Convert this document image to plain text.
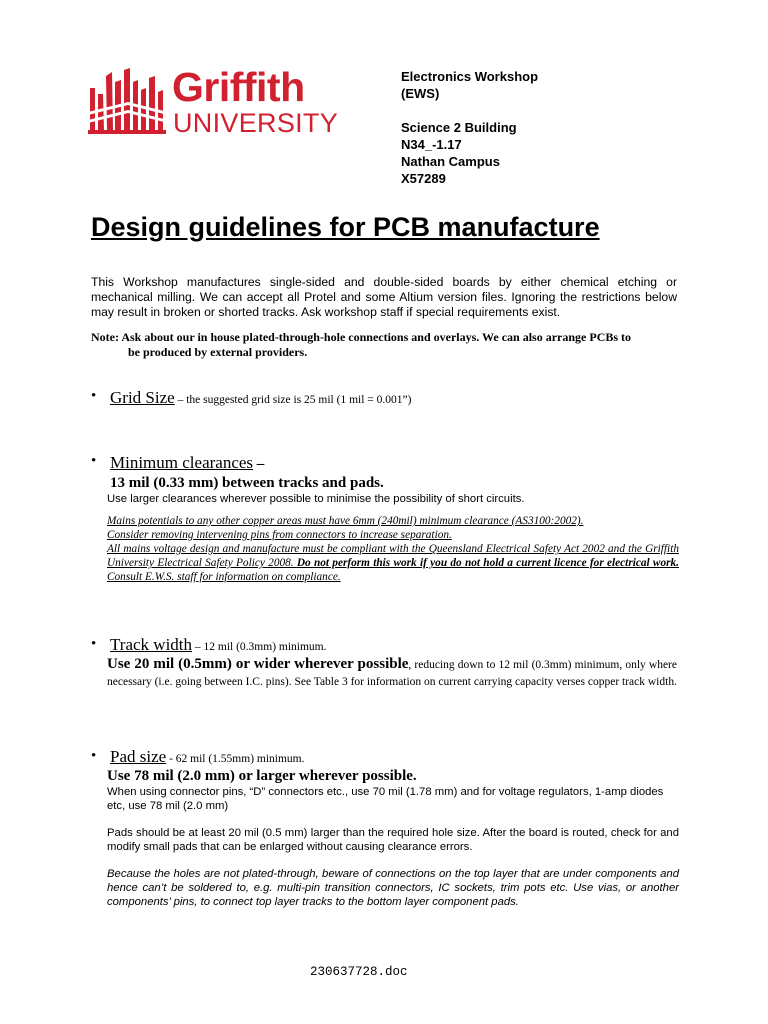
Griffith
UNIVERSITY
Electronics Workshop
(EWS)
Science 2 Building
N34_-1.17
Nathan Campus
X57289
Design guidelines for PCB manufacture
This Workshop manufactures single-sided and double-sided boards by either chemical etching or mechanical milling. We can accept all Protel and some Altium version files. Ignoring the restrictions below may result in broken or shorted tracks. Ask workshop staff if special requirements exist.
Note: Ask about our in house plated-through-hole connections and overlays. We can also arrange PCBs to
be produced by external providers.
• Grid Size – the suggested grid size is 25 mil (1 mil = 0.001”)
• Minimum clearances –
13 mil (0.33 mm) between tracks and pads.
Use larger clearances wherever possible to minimise the possibility of short circuits.
Mains potentials to any other copper areas must have 6mm (240mil) minimum clearance (AS3100:2002).
Consider removing intervening pins from connectors to increase separation.
All mains voltage design and manufacture must be compliant with the Queensland Electrical Safety Act 2002 and the Griffith University Electrical Safety Policy 2008. Do not perform this work if you do not hold a current licence for electrical work. Consult E.W.S. staff for information on compliance.
• Track width – 12 mil (0.3mm) minimum.
Use 20 mil (0.5mm) or wider wherever possible, reducing down to 12 mil (0.3mm) minimum, only where necessary (i.e. going between I.C. pins). See Table 3 for information on current carrying capacity verses copper track width.
• Pad size - 62 mil (1.55mm) minimum.
Use 78 mil (2.0 mm) or larger wherever possible.
When using connector pins, “D” connectors etc., use 70 mil (1.78 mm) and for voltage regulators, 1-amp diodes etc, use 78 mil (2.0 mm)
Pads should be at least 20 mil (0.5 mm) larger than the required hole size. After the board is routed, check for and modify small pads that can be enlarged without causing clearance errors.
Because the holes are not plated-through, beware of connections on the top layer that are under components and hence can’t be soldered to, e.g. multi-pin transition connectors, IC sockets, trim pots etc. Use vias, or another components’ pins, to connect top layer tracks to the bottom layer component pads.
230637728.doc
